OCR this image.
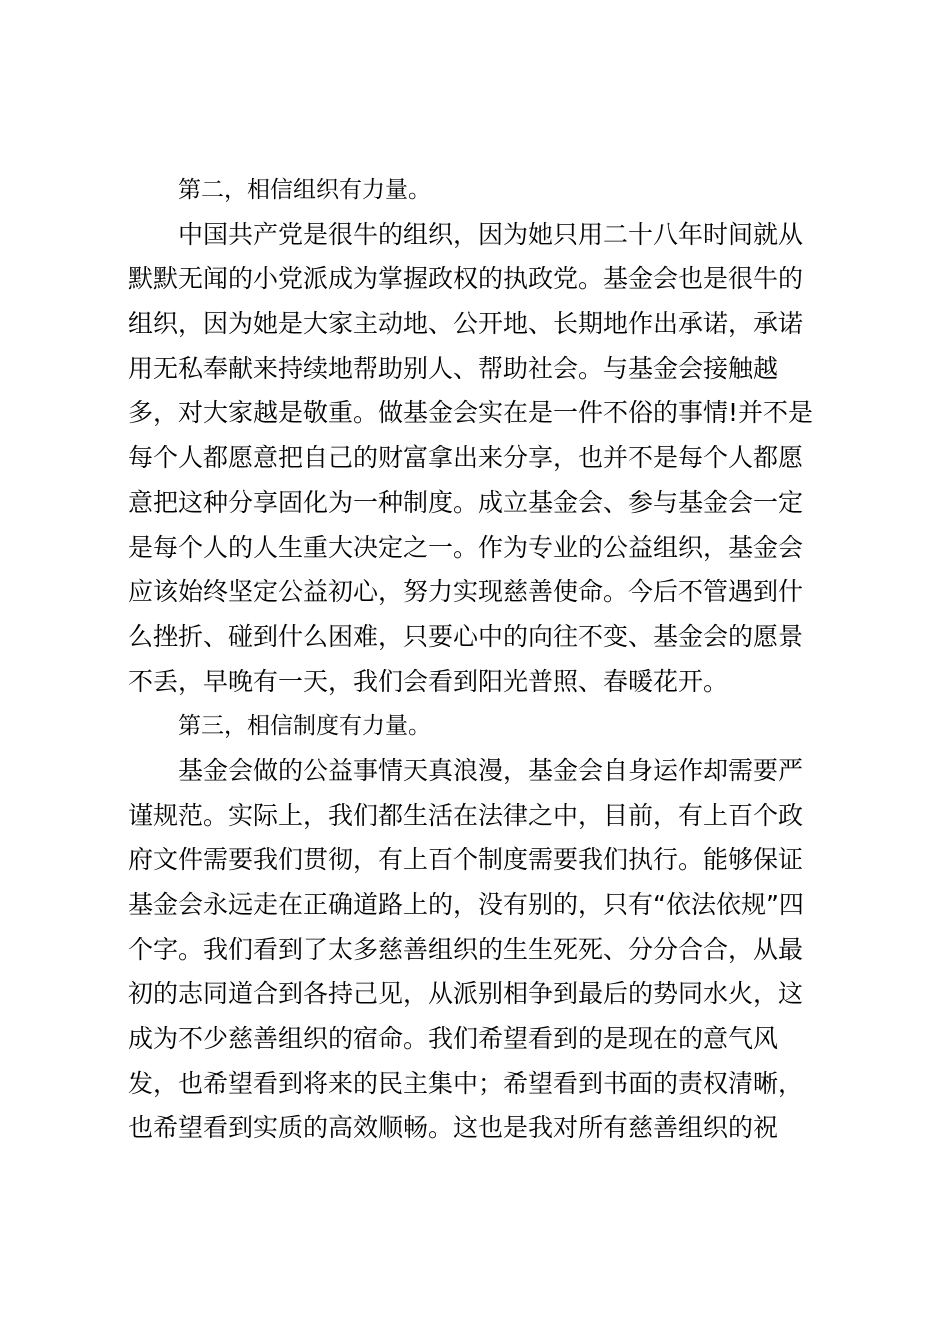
第二，相信组织有力量。
中国共产党是很牛的组织，因为她只用二十八年时间就从
默默无闻的小党派成为掌握政权的执政党。基金会也是很牛的
组织，因为她是大家主动地、公开地、长期地作出承诺，承诺
用无私奉献来持续地帮助别人、帮助社会。与基金会接触越
多，对大家越是敬重。做基金会实在是一件不俗的事情!并不是
每个人都愿意把自己的财富拿出来分享，也并不是每个人都愿
意把这种分享固化为一种制度。成立基金会、参与基金会一定
是每个人的人生重大决定之一。作为专业的公益组织，基金会
应该始终坚定公益初心，努力实现慈善使命。今后不管遇到什
么挫折、碰到什么困难，只要心中的向往不变、基金会的愿景
不丢，早晚有一天，我们会看到阳光普照、春暖花开。
第三，相信制度有力量。
基金会做的公益事情天真浪漫，基金会自身运作却需要严
谨规范。实际上，我们都生活在法律之中，目前，有上百个政
府文件需要我们贯彻，有上百个制度需要我们执行。能够保证
基金会永远走在正确道路上的，没有别的，只有“依法依规”四
个字。我们看到了太多慈善组织的生生死死、分分合合，从最
初的志同道合到各持己见，从派别相争到最后的势同水火，这
成为不少慈善组织的宿命。我们希望看到的是现在的意气风
发，也希望看到将来的民主集中；希望看到书面的责权清晰，
也希望看到实质的高效顺畅。这也是我对所有慈善组织的祝
